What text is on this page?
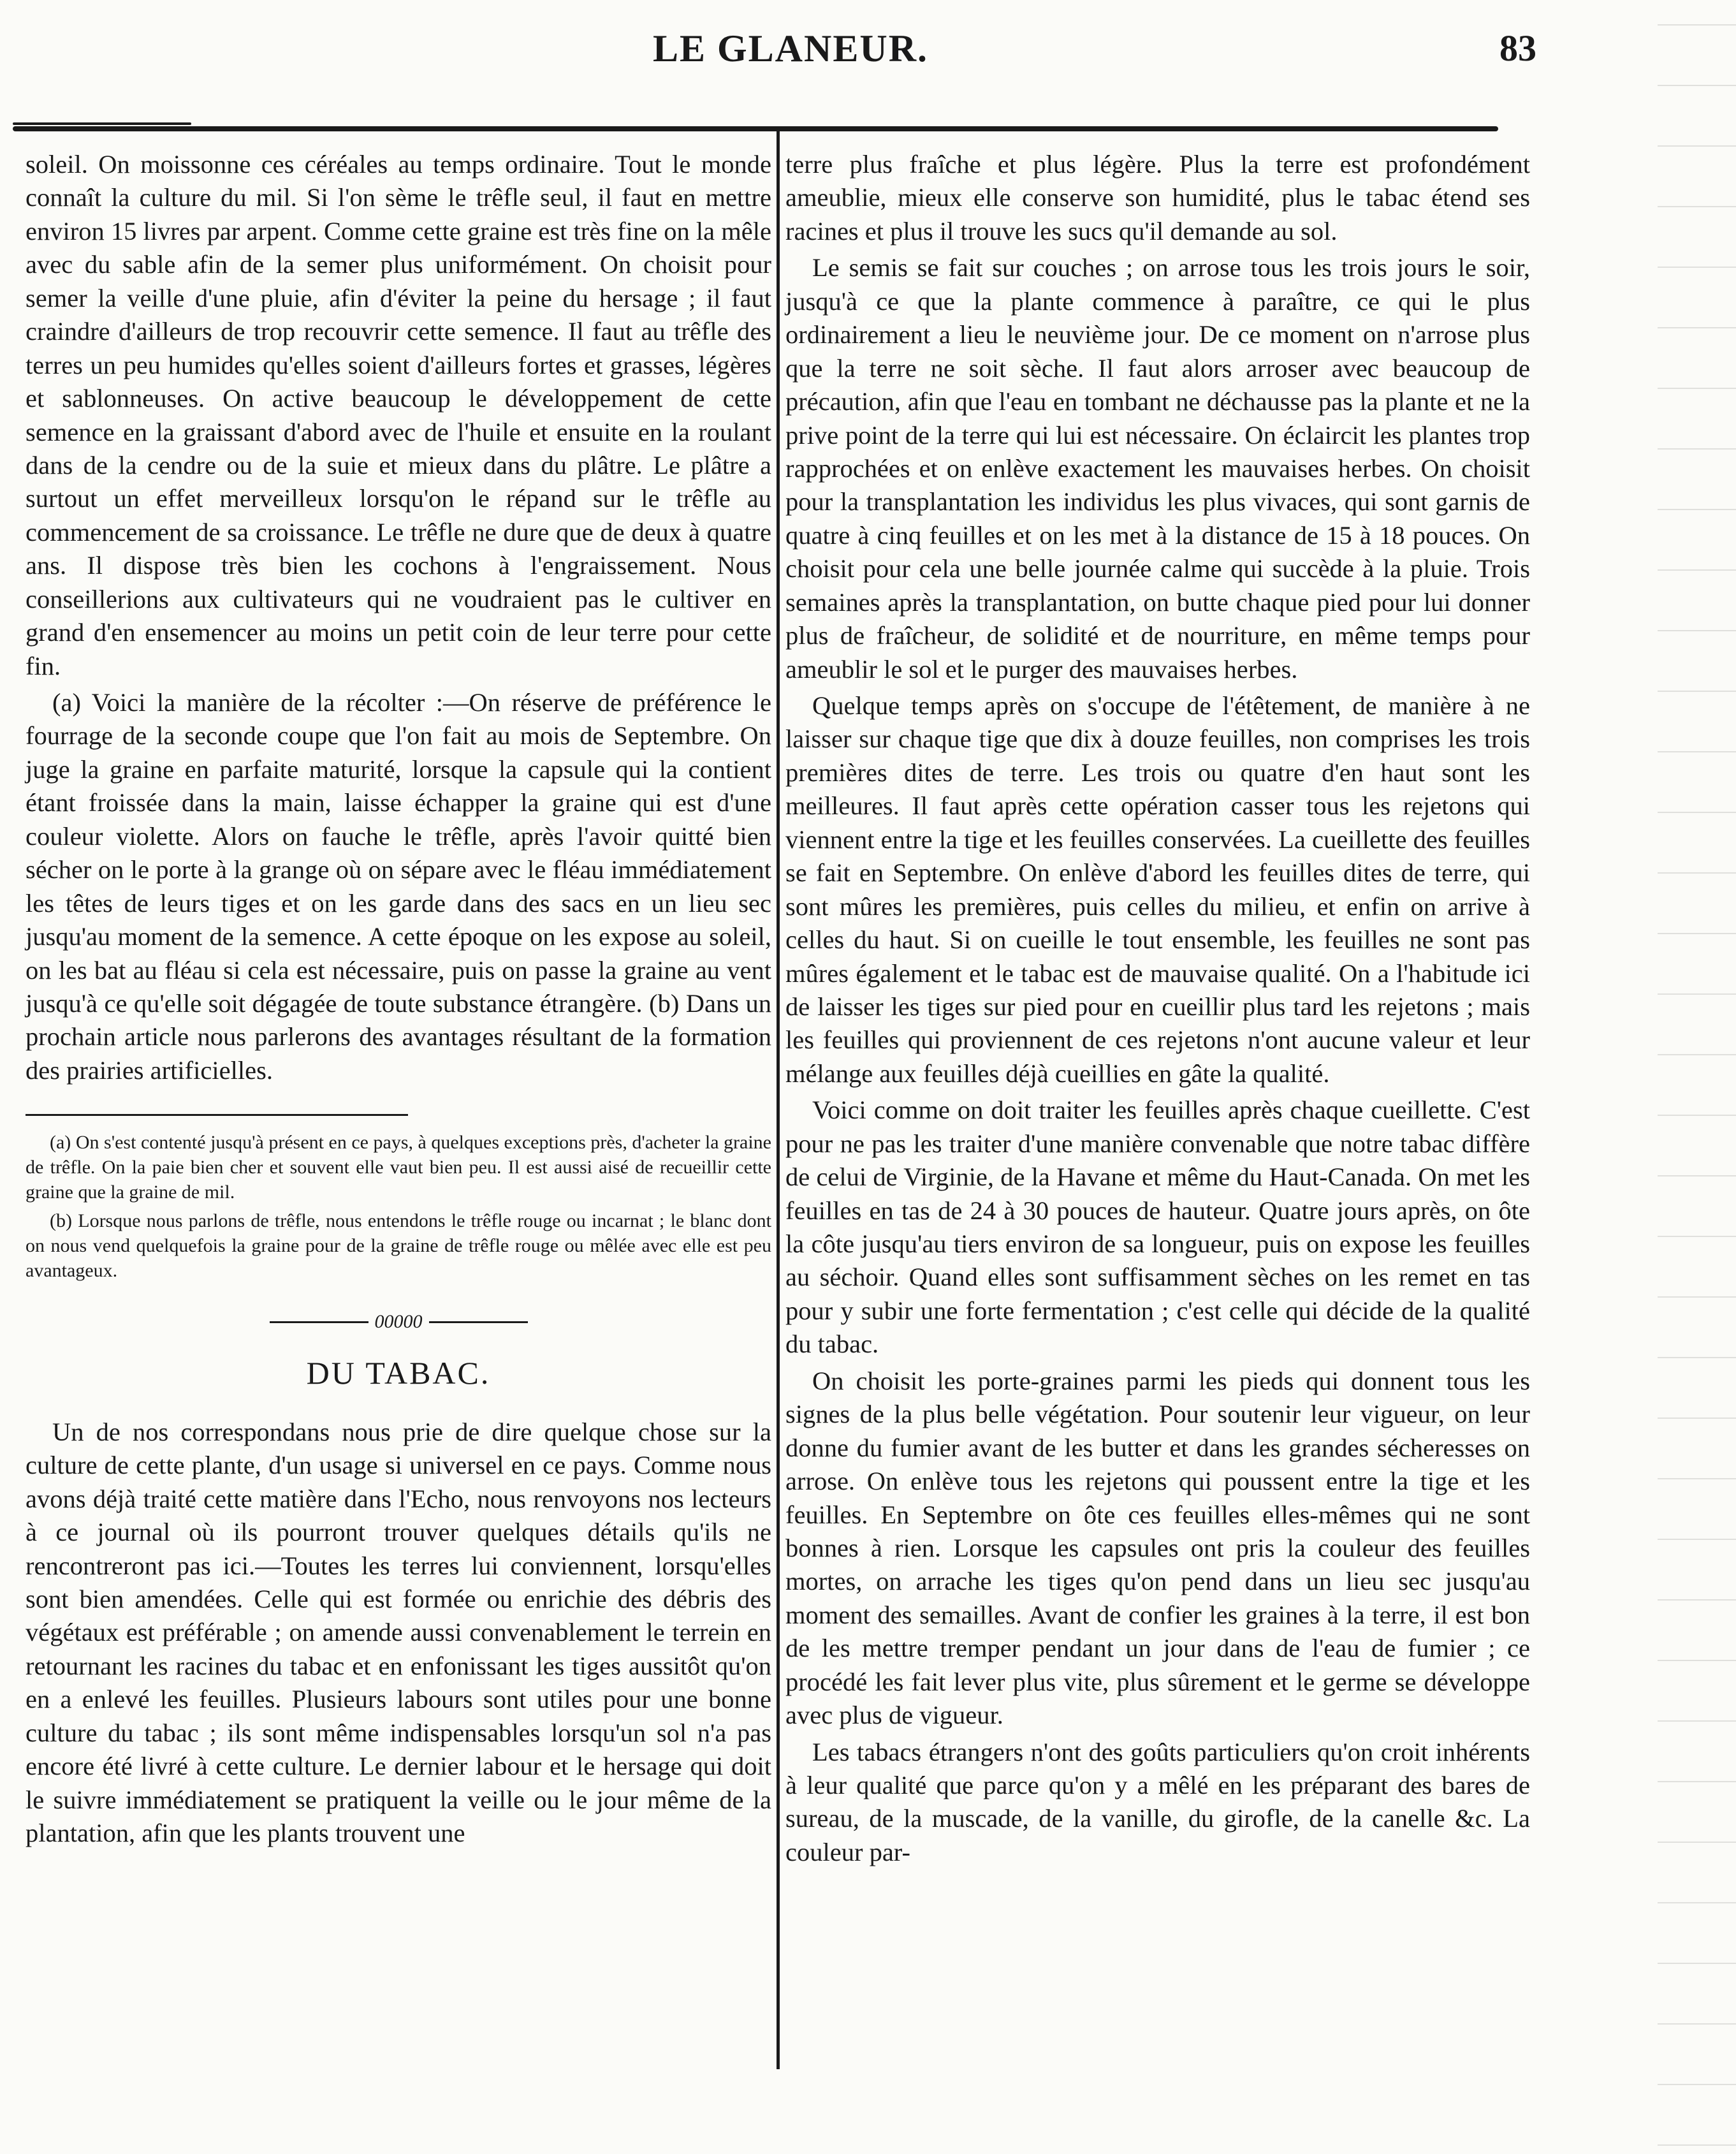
LE GLANEUR.	83

soleil. On moissonne ces céréales au temps ordinaire. Tout le monde connaît la culture du mil. Si l'on sème le trêfle seul, il faut en mettre environ 15 livres par arpent. Comme cette graine est très fine on la mêle avec du sable afin de la semer plus uniformément. On choisit pour semer la veille d'une pluie, afin d'éviter la peine du hersage ; il faut craindre d'ailleurs de trop recouvrir cette semence. Il faut au trêfle des terres un peu humides qu'elles soient d'ailleurs fortes et grasses, légères et sablonneuses. On active beaucoup le développement de cette semence en la graissant d'abord avec de l'huile et ensuite en la roulant dans de la cendre ou de la suie et mieux dans du plâtre. Le plâtre a surtout un effet merveilleux lorsqu'on le répand sur le trêfle au commencement de sa croissance. Le trêfle ne dure que de deux à quatre ans. Il dispose très bien les cochons à l'engraissement. Nous conseillerions aux cultivateurs qui ne voudraient pas le cultiver en grand d'en ensemencer au moins un petit coin de leur terre pour cette fin.

(a) Voici la manière de la récolter :—On réserve de préférence le fourrage de la seconde coupe que l'on fait au mois de Septembre. On juge la graine en parfaite maturité, lorsque la capsule qui la contient étant froissée dans la main, laisse échapper la graine qui est d'une couleur violette. Alors on fauche le trêfle, après l'avoir quitté bien sécher on le porte à la grange où on sépare avec le fléau immédiatement les têtes de leurs tiges et on les garde dans des sacs en un lieu sec jusqu'au moment de la semence. A cette époque on les expose au soleil, on les bat au fléau si cela est nécessaire, puis on passe la graine au vent jusqu'à ce qu'elle soit dégagée de toute substance étrangère. (b) Dans un prochain article nous parlerons des avantages résultant de la formation des prairies artificielles.

(a) On s'est contenté jusqu'à présent en ce pays, à quelques exceptions près, d'acheter la graine de trêfle. On la paie bien cher et souvent elle vaut bien peu. Il est aussi aisé de recueillir cette graine que la graine de mil.

(b) Lorsque nous parlons de trêfle, nous entendons le trêfle rouge ou incarnat ; le blanc dont on nous vend quelquefois la graine pour de la graine de trêfle rouge ou mêlée avec elle est peu avantageux.

00000
DU TABAC.

Un de nos correspondans nous prie de dire quelque chose sur la culture de cette plante, d'un usage si universel en ce pays. Comme nous avons déjà traité cette matière dans l'Echo, nous renvoyons nos lecteurs à ce journal où ils pourront trouver quelques détails qu'ils ne rencontreront pas ici.—Toutes les terres lui conviennent, lorsqu'elles sont bien amendées. Celle qui est formée ou enrichie des débris des végétaux est préférable ; on amende aussi convenablement le terrein en retournant les racines du tabac et en enfonissant les tiges aussitôt qu'on en a enlevé les feuilles. Plusieurs labours sont utiles pour une bonne culture du tabac ; ils sont même indispensables lorsqu'un sol n'a pas encore été livré à cette culture. Le dernier labour et le hersage qui doit le suivre immédiatement se pratiquent la veille ou le jour même de la plantation, afin que les plants trouvent une

terre plus fraîche et plus légère. Plus la terre est profondément ameublie, mieux elle conserve son humidité, plus le tabac étend ses racines et plus il trouve les sucs qu'il demande au sol.

Le semis se fait sur couches ; on arrose tous les trois jours le soir, jusqu'à ce que la plante commence à paraître, ce qui le plus ordinairement a lieu le neuvième jour. De ce moment on n'arrose plus que la terre ne soit sèche. Il faut alors arroser avec beaucoup de précaution, afin que l'eau en tombant ne déchausse pas la plante et ne la prive point de la terre qui lui est nécessaire. On éclaircit les plantes trop rapprochées et on enlève exactement les mauvaises herbes. On choisit pour la transplantation les individus les plus vivaces, qui sont garnis de quatre à cinq feuilles et on les met à la distance de 15 à 18 pouces. On choisit pour cela une belle journée calme qui succède à la pluie. Trois semaines après la transplantation, on butte chaque pied pour lui donner plus de fraîcheur, de solidité et de nourriture, en même temps pour ameublir le sol et le purger des mauvaises herbes.

Quelque temps après on s'occupe de l'étêtement, de manière à ne laisser sur chaque tige que dix à douze feuilles, non comprises les trois premières dites de terre. Les trois ou quatre d'en haut sont les meilleures. Il faut après cette opération casser tous les rejetons qui viennent entre la tige et les feuilles conservées. La cueillette des feuilles se fait en Septembre. On enlève d'abord les feuilles dites de terre, qui sont mûres les premières, puis celles du milieu, et enfin on arrive à celles du haut. Si on cueille le tout ensemble, les feuilles ne sont pas mûres également et le tabac est de mauvaise qualité. On a l'habitude ici de laisser les tiges sur pied pour en cueillir plus tard les rejetons ; mais les feuilles qui proviennent de ces rejetons n'ont aucune valeur et leur mélange aux feuilles déjà cueillies en gâte la qualité.

Voici comme on doit traiter les feuilles après chaque cueillette. C'est pour ne pas les traiter d'une manière convenable que notre tabac diffère de celui de Virginie, de la Havane et même du Haut-Canada. On met les feuilles en tas de 24 à 30 pouces de hauteur. Quatre jours après, on ôte la côte jusqu'au tiers environ de sa longueur, puis on expose les feuilles au séchoir. Quand elles sont suffisamment sèches on les remet en tas pour y subir une forte fermentation ; c'est celle qui décide de la qualité du tabac.

On choisit les porte-graines parmi les pieds qui donnent tous les signes de la plus belle végétation. Pour soutenir leur vigueur, on leur donne du fumier avant de les butter et dans les grandes sécheresses on arrose. On enlève tous les rejetons qui poussent entre la tige et les feuilles. En Septembre on ôte ces feuilles elles-mêmes qui ne sont bonnes à rien. Lorsque les capsules ont pris la couleur des feuilles mortes, on arrache les tiges qu'on pend dans un lieu sec jusqu'au moment des semailles. Avant de confier les graines à la terre, il est bon de les mettre tremper pendant un jour dans de l'eau de fumier ; ce procédé les fait lever plus vite, plus sûrement et le germe se développe avec plus de vigueur.

Les tabacs étrangers n'ont des goûts particuliers qu'on croit inhérents à leur qualité que parce qu'on y a mêlé en les préparant des bares de sureau, de la muscade, de la vanille, du girofle, de la canelle &c. La couleur par-
